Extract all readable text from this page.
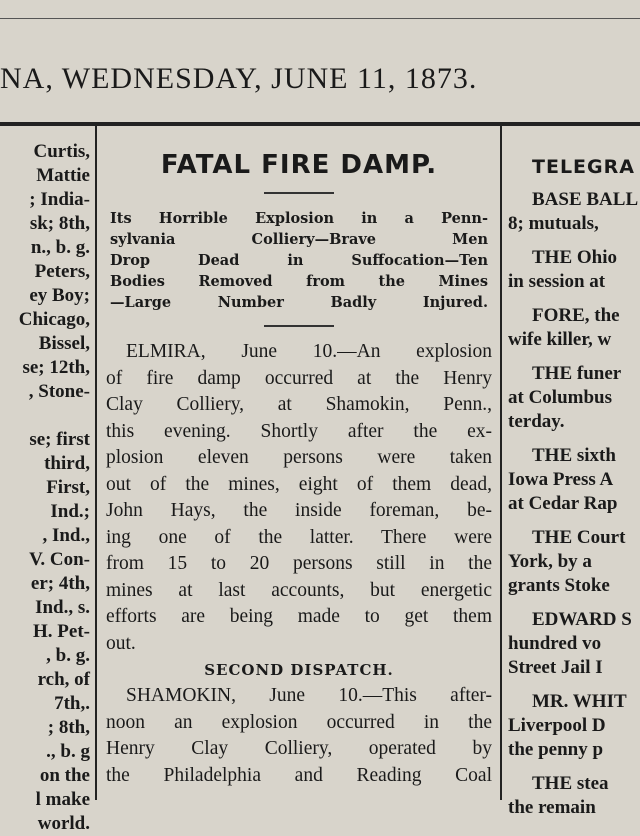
NA, WEDNESDAY, JUNE 11, 1873.
Curtis,
Mattie
; India-
sk; 8th,
n., b. g.
Peters,
ey Boy;
Chicago,
Bissel,
se; 12th,
, Stone-
se; first
third,
First,
Ind.;
, Ind.,
V. Con-
er; 4th,
Ind., s.
H. Pet-
, b. g.
rch, of
7th,.
; 8th,
., b. g
on the
l make
world.
FATAL FIRE DAMP.
Its Horrible Explosion in a Penn-
sylvania Colliery—Brave Men
Drop Dead in Suffocation—Ten
Bodies Removed from the Mines
—Large Number Badly Injured.
ELMIRA, June 10.—An explosion
of fire damp occurred at the Henry
Clay Colliery, at Shamokin, Penn.,
this evening. Shortly after the ex-
plosion eleven persons were taken
out of the mines, eight of them dead,
John Hays, the inside foreman, be-
ing one of the latter. There were
from 15 to 20 persons still in the
mines at last accounts, but energetic
efforts are being made to get them
out.
SECOND DISPATCH.
SHAMOKIN, June 10.—This after-
noon an explosion occurred in the
Henry Clay Colliery, operated by
the Philadelphia and Reading Coal
TELEGRA
BASE BALL
8; mutuals,
THE Ohio
in session at
FORE, the
wife killer, w
THE funer
at Columbus
terday.
THE sixth
Iowa Press A
at Cedar Rap
THE Court
York, by a
grants Stoke
EDWARD S
hundred vo
Street Jail I
MR. WHIT
Liverpool D
the penny p
THE stea
the remain
